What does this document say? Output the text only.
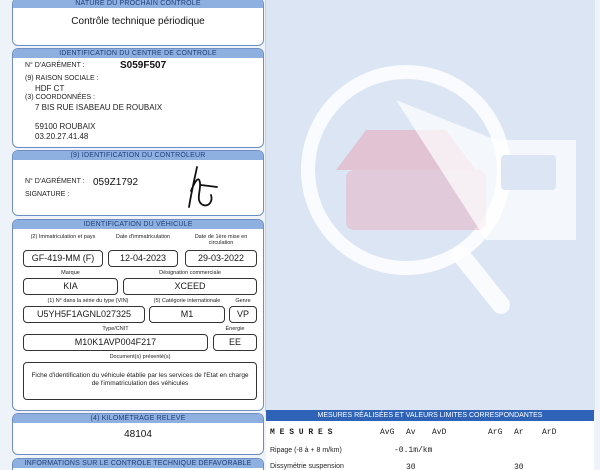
NATURE DU PROCHAIN CONTRÔLE
Contrôle technique périodique
IDENTIFICATION DU CENTRE DE CONTRÔLE
N° D'AGRÉMENT :	S059F507
(9) RAISON SOCIALE :
HDF CT
(3) COORDONNÉES :
7 BIS RUE ISABEAU DE ROUBAIX
59100 ROUBAIX
03.20.27.41.48
(9) IDENTIFICATION DU CONTRÔLEUR
N° D'AGRÉMENT : 059Z1792
SIGNATURE :
IDENTIFICATION DU VÉHICULE
(2) Immatriculation et pays	Date d'immatriculation	Date de 1ère mise en circulation
GF-419-MM (F)	12-04-2023	29-03-2022
Marque	Désignation commerciale
KIA	XCEED
(1) N° dans la série du type (VIN)	(5) Catégorie internationale	Genre
U5YH5F1AGNL027325	M1	VP
Type/CNIT	Énergie
M10K1AVP004F217	EE
Document(s) présenté(s)
Fiche d'identification du véhicule établie par les services de l'Etat en charge de l'immatriculation des véhicules
(4) KILOMÉTRAGE RELEVÉ
48104
INFORMATIONS SUR LE CONTRÔLE TECHNIQUE DÉFAVORABLE
MESURES RÉALISÉES ET VALEURS LIMITES CORRESPONDANTES
M E S U R E S	AvG Av AvD	ArG Ar ArD
Ripage (-8 à + 8 m/km)	-0.1m/km
Dissymétrie suspension	30	30
